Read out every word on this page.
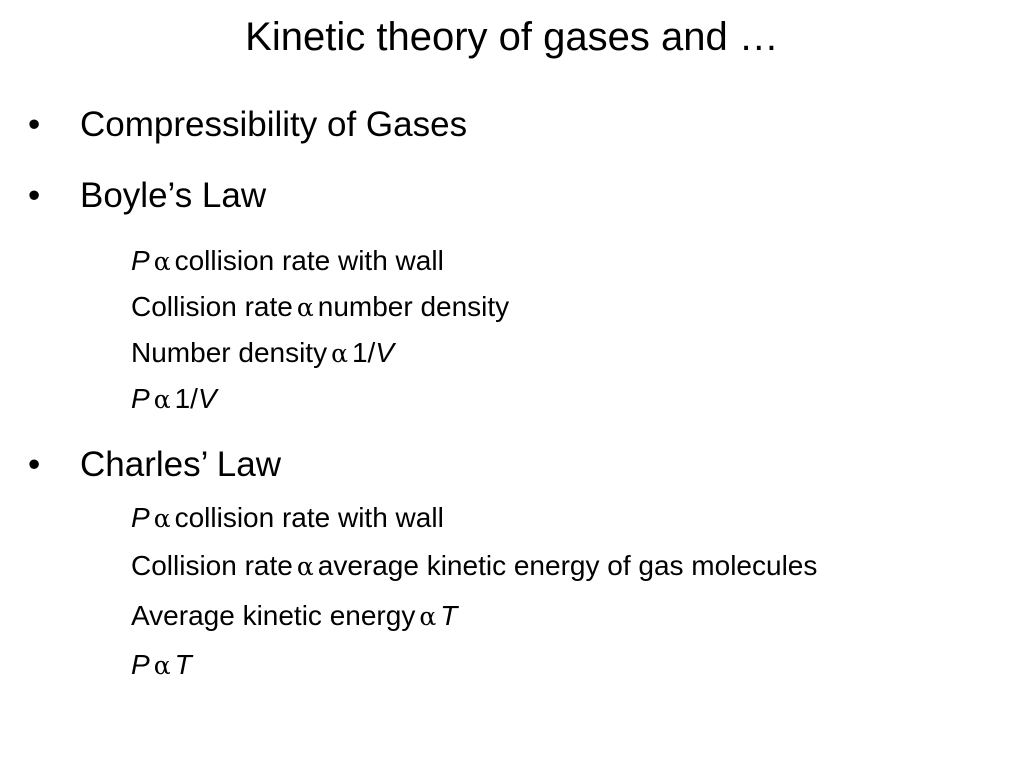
Kinetic theory of gases and …
• Compressibility of Gases
• Boyle’s Law
P α collision rate with wall
Collision rate α number density
Number density α 1/V
P α 1/V
• Charles’ Law
P α collision rate with wall
Collision rate α average kinetic energy of gas molecules
Average kinetic energy α T
P α T
